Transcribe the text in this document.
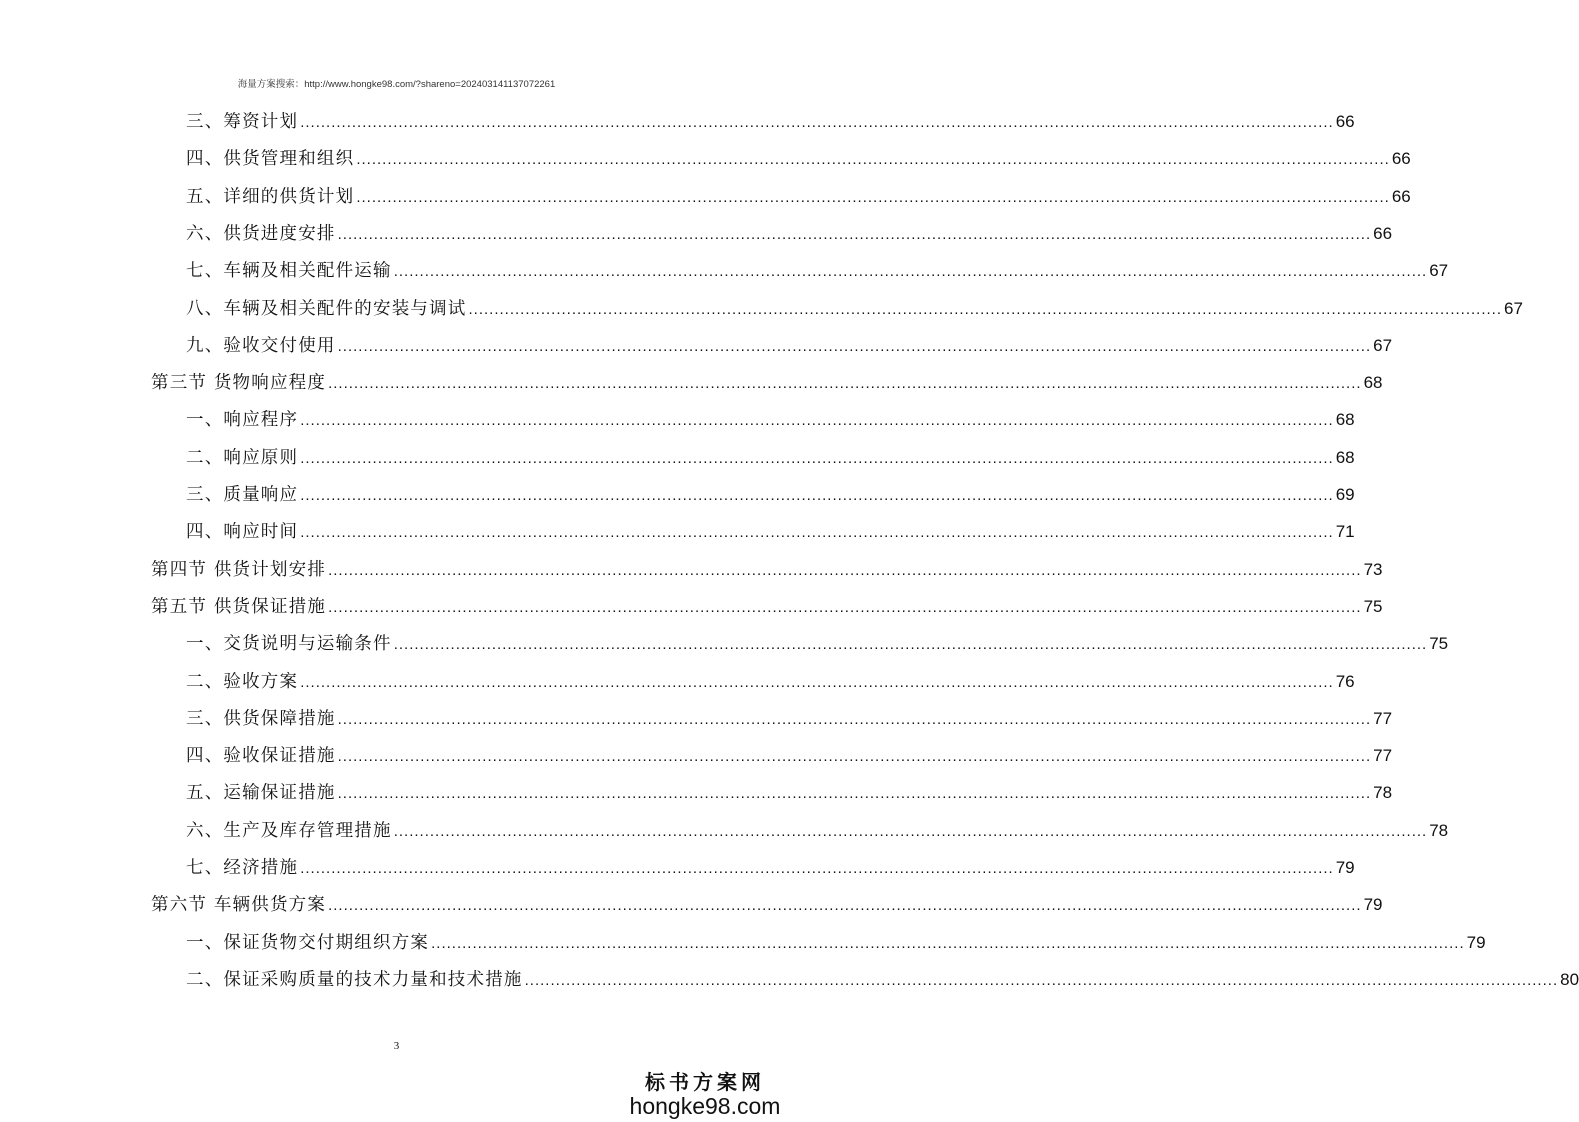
海量方案搜索：http://www.hongke98.com/?shareno=202403141137072261
三、筹资计划 ........................................................................................................................................................................................................ 66
四、供货管理和组织 ........................................................................................................................................................................................................ 66
五、详细的供货计划 ........................................................................................................................................................................................................ 66
六、供货进度安排 ........................................................................................................................................................................................................ 66
七、车辆及相关配件运输 ........................................................................................................................................................................................................ 67
八、车辆及相关配件的安装与调试 ........................................................................................................................................................................................................ 67
九、验收交付使用 ........................................................................................................................................................................................................ 67
第三节 货物响应程度 ........................................................................................................................................................................................................ 68
一、响应程序 ........................................................................................................................................................................................................ 68
二、响应原则 ........................................................................................................................................................................................................ 68
三、质量响应 ........................................................................................................................................................................................................ 69
四、响应时间 ........................................................................................................................................................................................................ 71
第四节 供货计划安排 ........................................................................................................................................................................................................ 73
第五节 供货保证措施 ........................................................................................................................................................................................................ 75
一、交货说明与运输条件 ........................................................................................................................................................................................................ 75
二、验收方案 ........................................................................................................................................................................................................ 76
三、供货保障措施 ........................................................................................................................................................................................................ 77
四、验收保证措施 ........................................................................................................................................................................................................ 77
五、运输保证措施 ........................................................................................................................................................................................................ 78
六、生产及库存管理措施 ........................................................................................................................................................................................................ 78
七、经济措施 ........................................................................................................................................................................................................ 79
第六节 车辆供货方案 ........................................................................................................................................................................................................ 79
一、保证货物交付期组织方案 ........................................................................................................................................................................................................ 79
二、保证采购质量的技术力量和技术措施 ........................................................................................................................................................................................................ 80
3
标书方案网
hongke98.com
